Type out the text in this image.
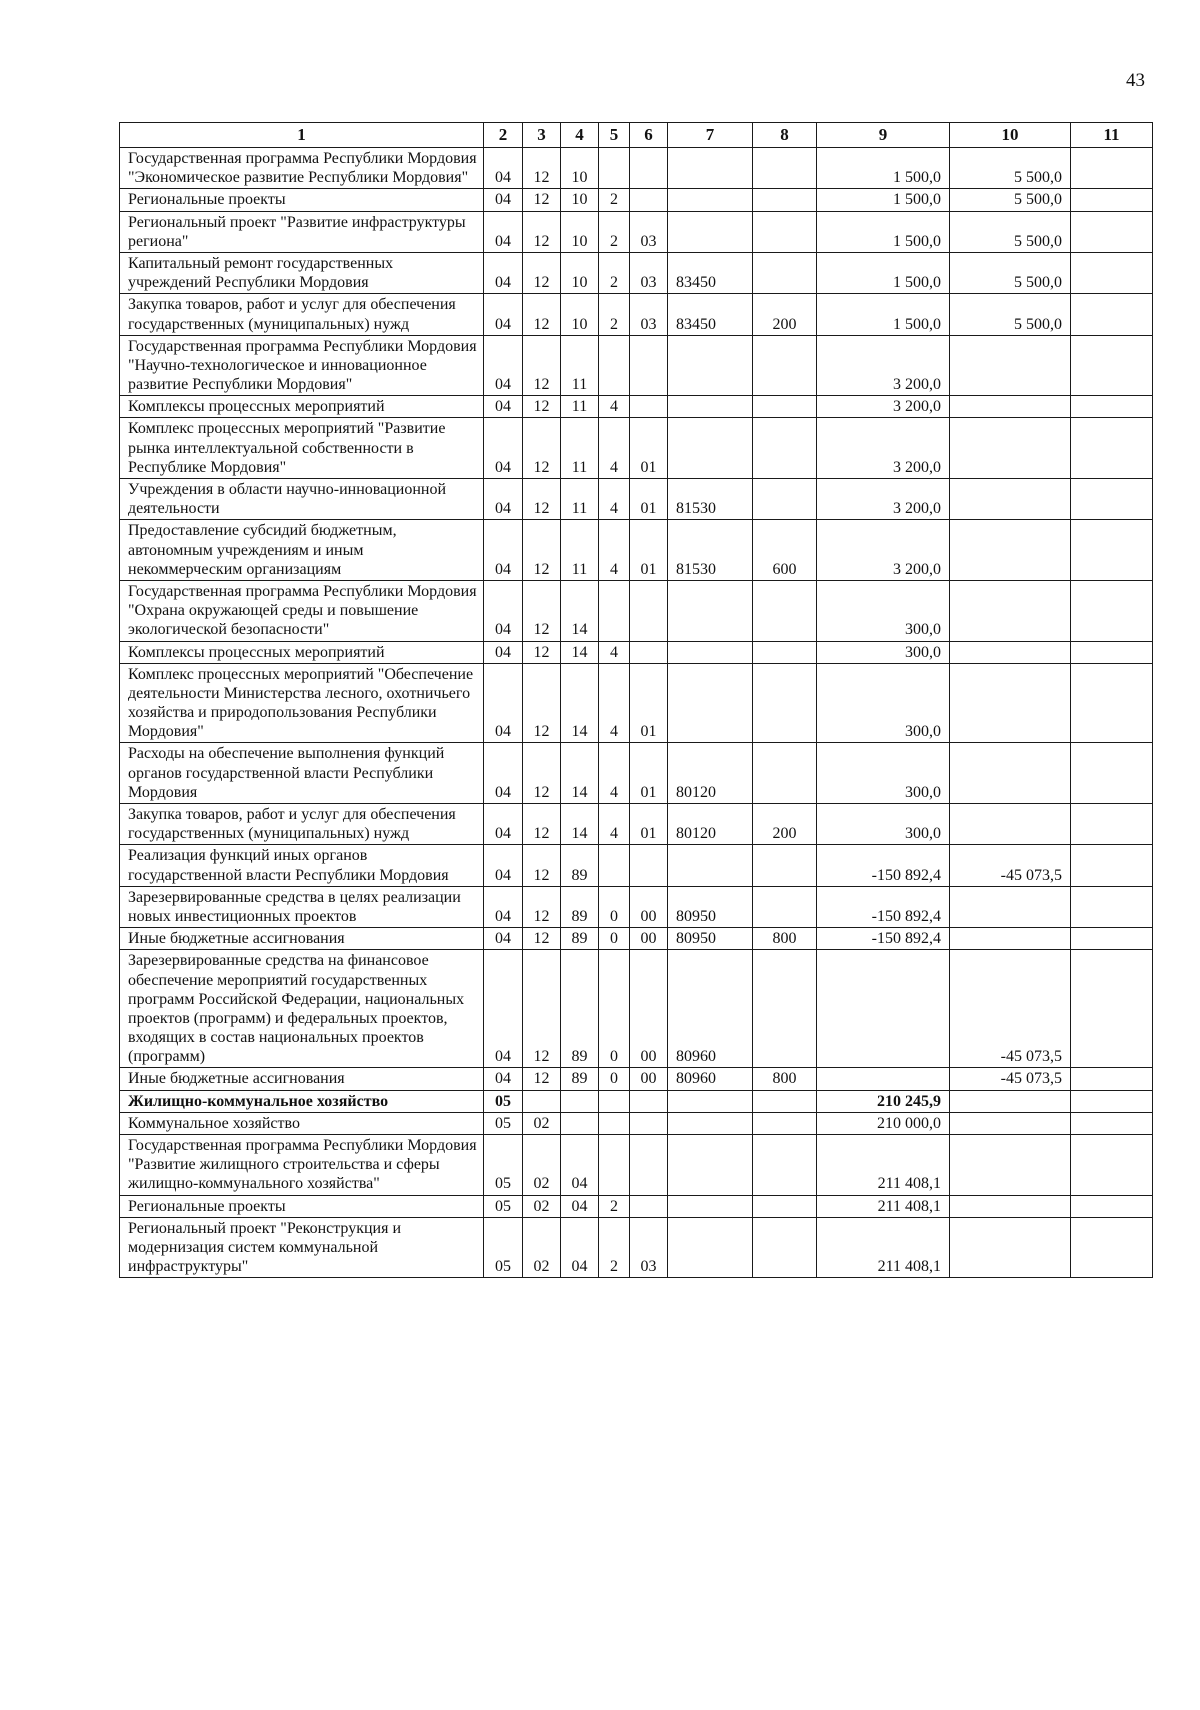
43
1	2	3	4	5	6	7	8	9	10	11
Государственная программа Республики Мордовия "Экономическое развитие Республики Мордовия"	04	12	10					1 500,0	5 500,0	
Региональные проекты	04	12	10	2				1 500,0	5 500,0	
Региональный проект "Развитие инфраструктуры региона"	04	12	10	2	03			1 500,0	5 500,0	
Капитальный ремонт государственных учреждений Республики Мордовия	04	12	10	2	03	83450		1 500,0	5 500,0	
Закупка товаров, работ и услуг для обеспечения государственных (муниципальных) нужд	04	12	10	2	03	83450	200	1 500,0	5 500,0	
Государственная программа Республики Мордовия "Научно-технологическое и инновационное развитие Республики Мордовия"	04	12	11					3 200,0		
Комплексы процессных мероприятий	04	12	11	4				3 200,0		
Комплекс процессных мероприятий "Развитие рынка интеллектуальной собственности в Республике Мордовия"	04	12	11	4	01			3 200,0		
Учреждения в области научно-инновационной деятельности	04	12	11	4	01	81530		3 200,0		
Предоставление субсидий бюджетным, автономным учреждениям и иным некоммерческим организациям	04	12	11	4	01	81530	600	3 200,0		
Государственная программа Республики Мордовия "Охрана окружающей среды и повышение экологической безопасности"	04	12	14					300,0		
Комплексы процессных мероприятий	04	12	14	4				300,0		
Комплекс процессных мероприятий "Обеспечение деятельности Министерства лесного, охотничьего хозяйства и природопользования Республики Мордовия"	04	12	14	4	01			300,0		
Расходы на обеспечение выполнения функций органов государственной власти Республики Мордовия	04	12	14	4	01	80120		300,0		
Закупка товаров, работ и услуг для обеспечения государственных (муниципальных) нужд	04	12	14	4	01	80120	200	300,0		
Реализация функций иных органов государственной власти Республики Мордовия	04	12	89					-150 892,4	-45 073,5	
Зарезервированные средства в целях реализации новых инвестиционных проектов	04	12	89	0	00	80950		-150 892,4		
Иные бюджетные ассигнования	04	12	89	0	00	80950	800	-150 892,4		
Зарезервированные средства на финансовое обеспечение мероприятий государственных программ Российской Федерации, национальных проектов (программ) и федеральных проектов, входящих в состав национальных проектов (программ)	04	12	89	0	00	80960			-45 073,5	
Иные бюджетные ассигнования	04	12	89	0	00	80960	800		-45 073,5	
Жилищно-коммунальное хозяйство	05							210 245,9		
Коммунальное хозяйство	05	02						210 000,0		
Государственная программа Республики Мордовия "Развитие жилищного строительства и сферы жилищно-коммунального хозяйства"	05	02	04					211 408,1		
Региональные проекты	05	02	04	2				211 408,1		
Региональный проект "Реконструкция и модернизация систем коммунальной инфраструктуры"	05	02	04	2	03			211 408,1		
